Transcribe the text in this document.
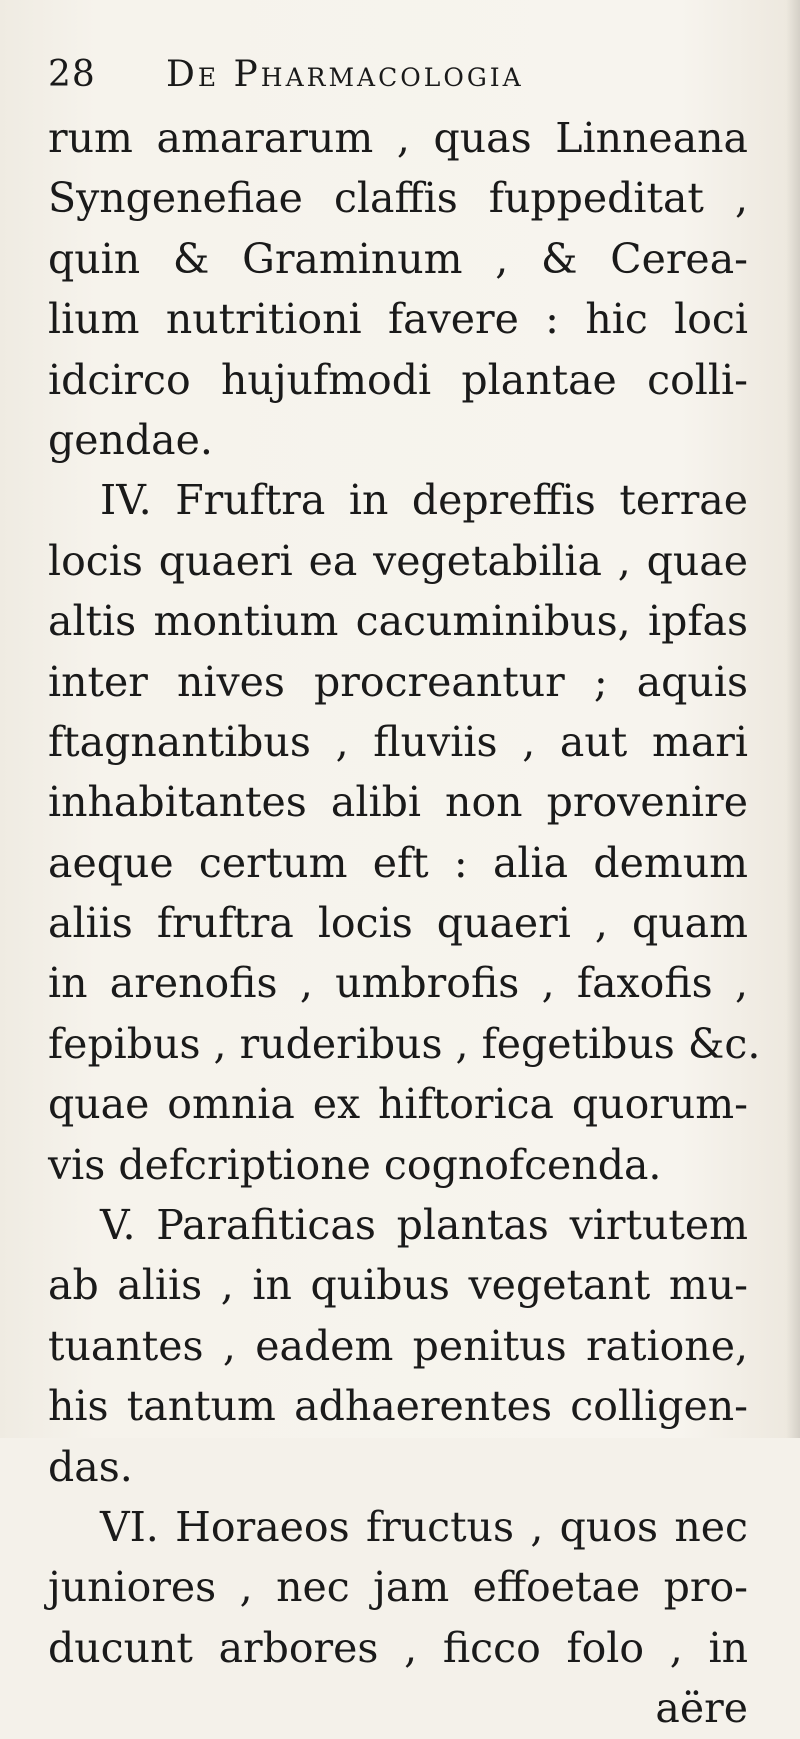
28 De Pharmacologia
rum amararum , quas Linneana
Syngenefiae claffis fuppeditat ,
quin & Graminum , & Cerea-
lium nutritioni favere : hic loci
idcirco hujufmodi plantae colli-
gendae.
IV. Fruftra in depreffis terrae
locis quaeri ea vegetabilia , quae
altis montium cacuminibus, ipfas
inter nives procreantur ; aquis
ftagnantibus , fluviis , aut mari
inhabitantes alibi non provenire
aeque certum eft : alia demum
aliis fruftra locis quaeri , quam
in arenofis , umbrofis , faxofis ,
fepibus , ruderibus , fegetibus &c.
quae omnia ex hiftorica quorum-
vis defcriptione cognofcenda.
V. Parafiticas plantas virtutem
ab aliis , in quibus vegetant mu-
tuantes , eadem penitus ratione,
his tantum adhaerentes colligen-
das.
VI. Horaeos fructus , quos nec
juniores , nec jam effoetae pro-
ducunt arbores , ficco folo , in
aëre
